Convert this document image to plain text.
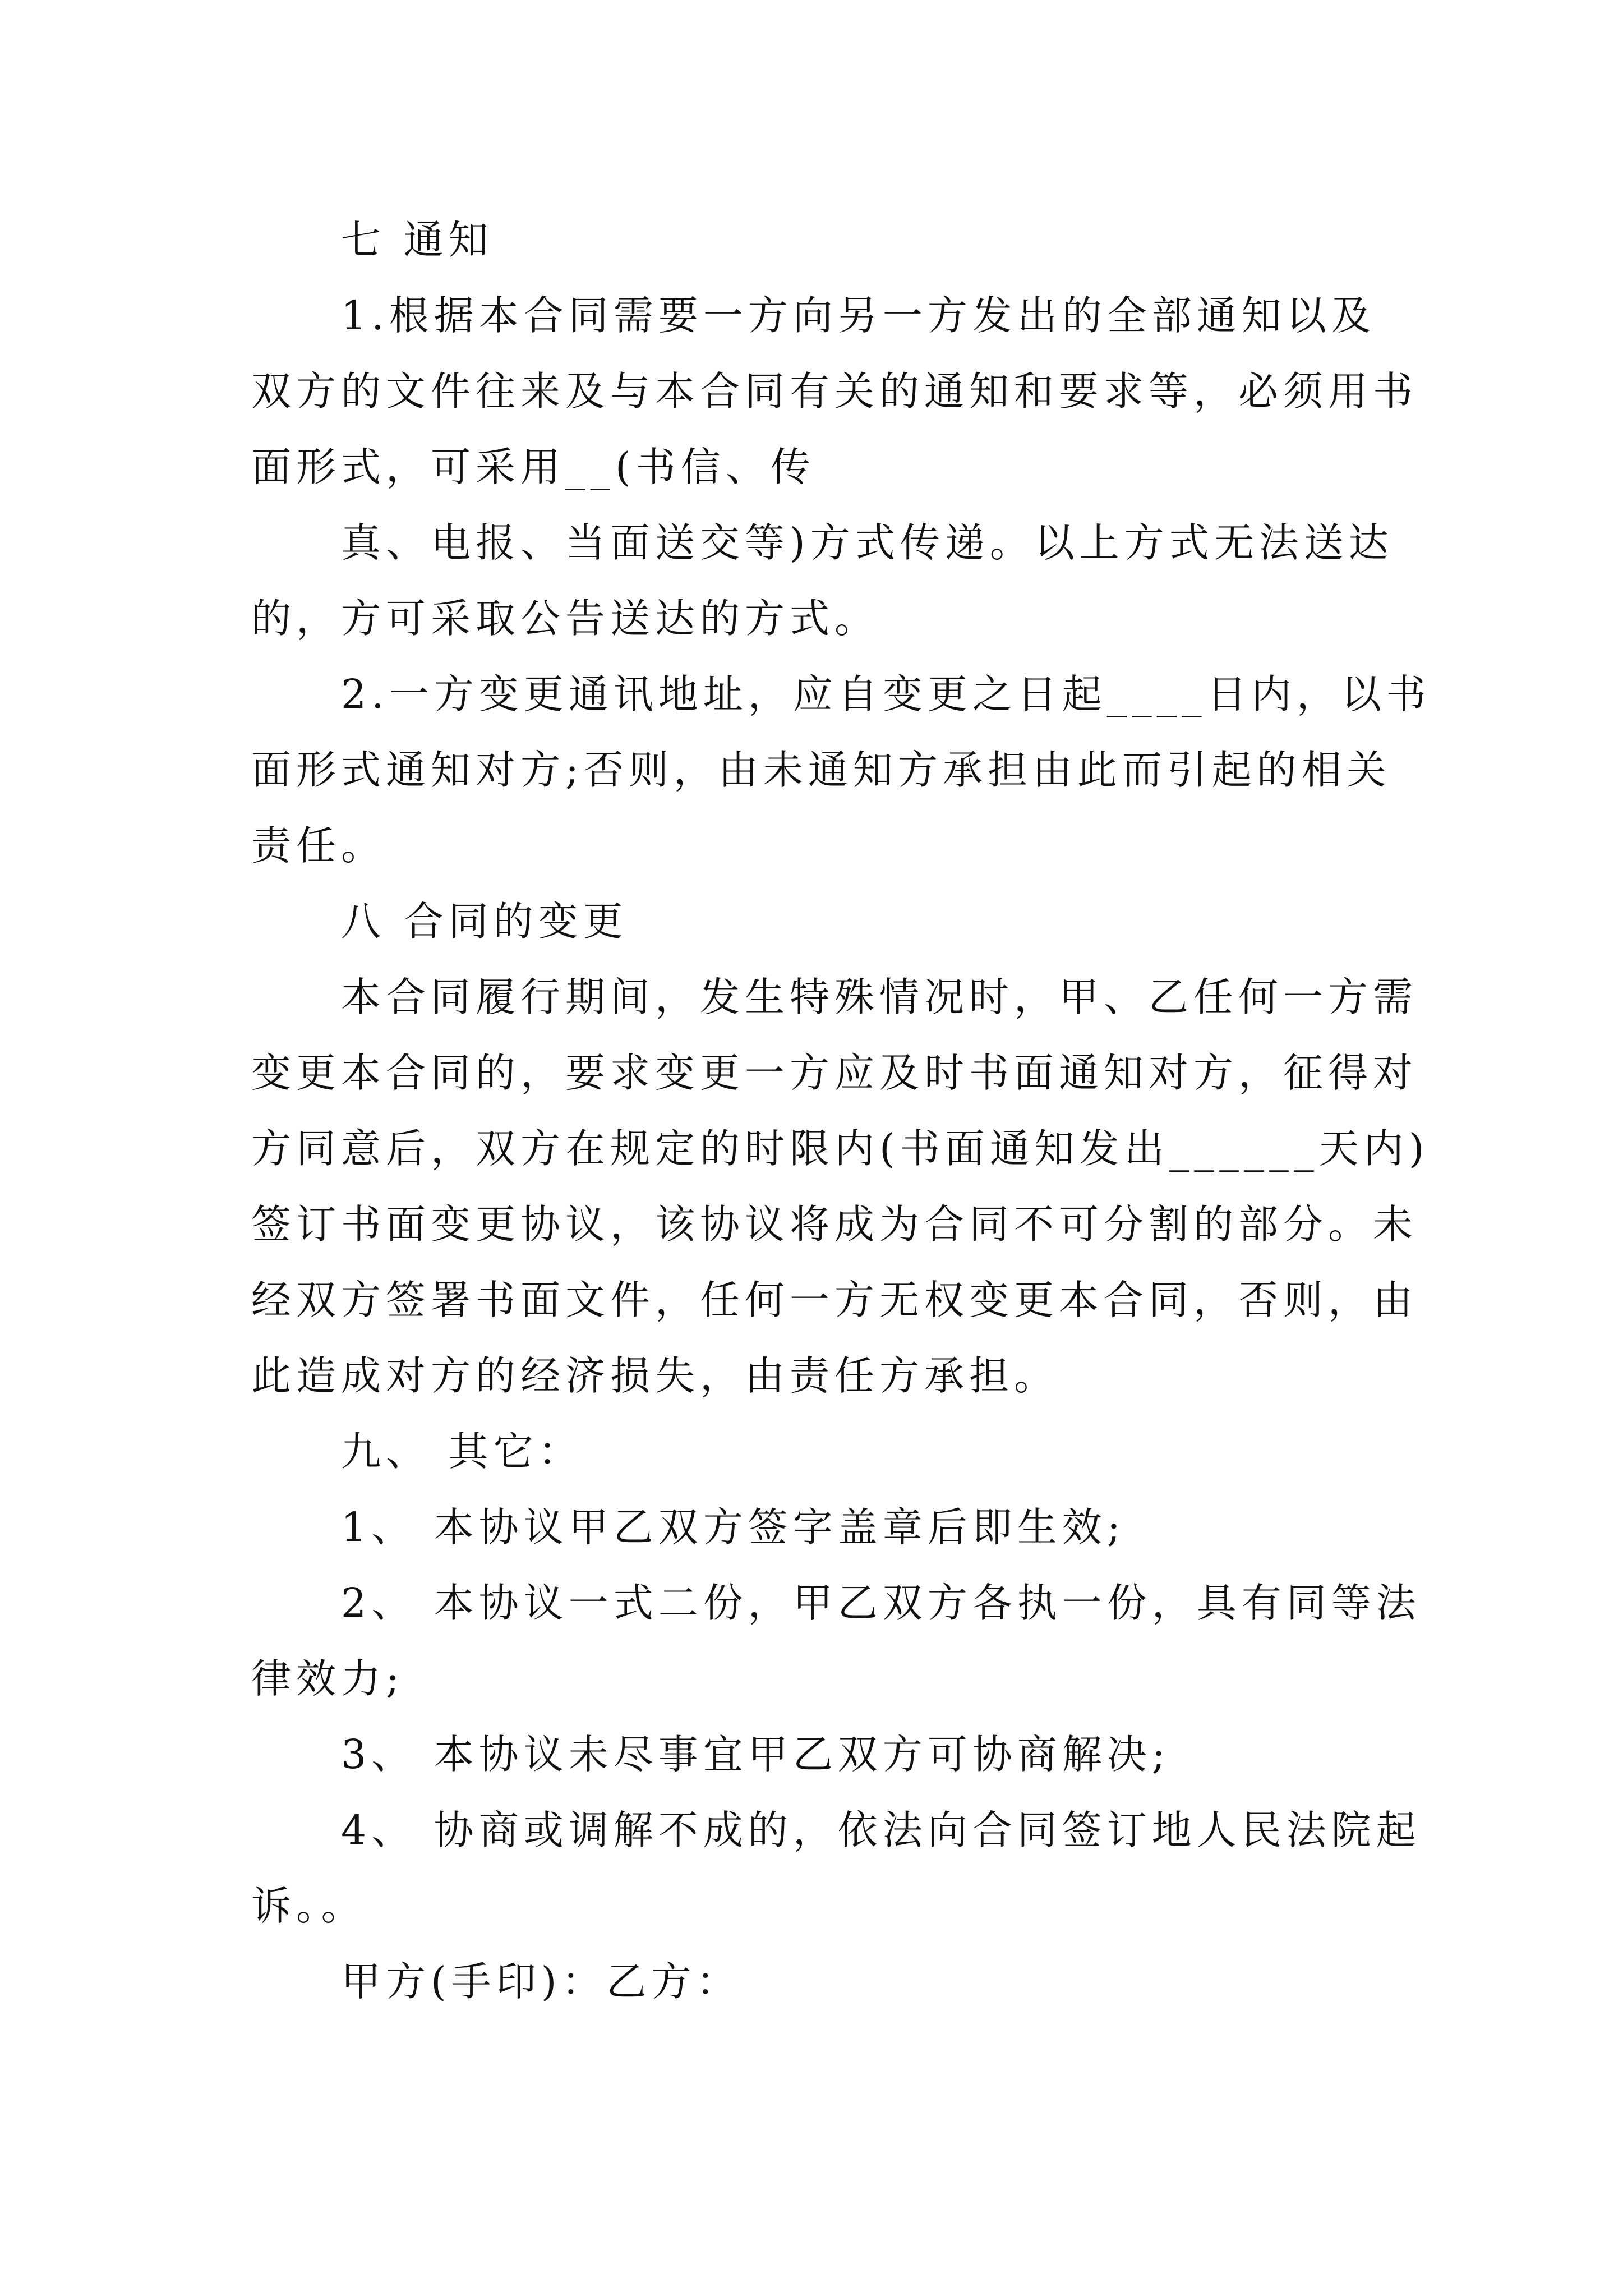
七 通知
1.根据本合同需要一方向另一方发出的全部通知以及
双方的文件往来及与本合同有关的通知和要求等，必须用书
面形式，可采用__(书信、传
真、电报、当面送交等)方式传递。以上方式无法送达
的，方可采取公告送达的方式。
2.一方变更通讯地址，应自变更之日起____日内，以书
面形式通知对方;否则，由未通知方承担由此而引起的相关
责任。
八 合同的变更
本合同履行期间，发生特殊情况时，甲、乙任何一方需
变更本合同的，要求变更一方应及时书面通知对方，征得对
方同意后，双方在规定的时限内(书面通知发出______天内)
签订书面变更协议，该协议将成为合同不可分割的部分。未
经双方签署书面文件，任何一方无权变更本合同，否则，由
此造成对方的经济损失，由责任方承担。
九、 其它：
1、 本协议甲乙双方签字盖章后即生效;
2、 本协议一式二份，甲乙双方各执一份，具有同等法
律效力;
3、 本协议未尽事宜甲乙双方可协商解决;
4、 协商或调解不成的，依法向合同签订地人民法院起
诉。。
甲方(手印)：乙方：
